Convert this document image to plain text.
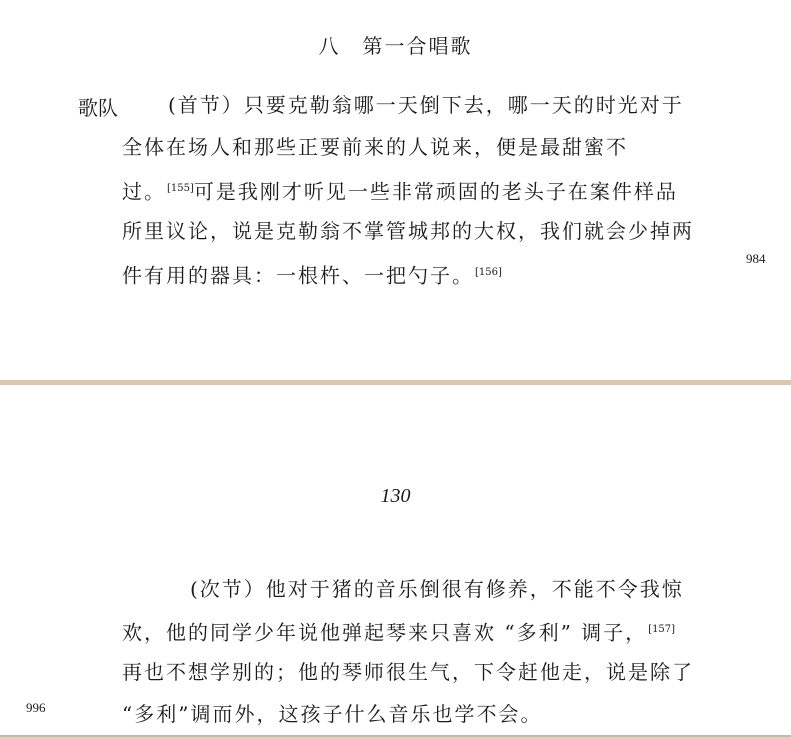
八　第一合唱歌
歌队	(首节）只要克勒翁哪一天倒下去，哪一天的时光对于
全体在场人和那些正要前来的人说来，便是最甜蜜不
过。[155]可是我刚才听见一些非常顽固的老头子在案件样品
所里议论，说是克勒翁不掌管城邦的大权，我们就会少掉两
件有用的器具：一根杵、一把勺子。[156]
984
130
(次节）他对于猪的音乐倒很有修养，不能不令我惊
欢，他的同学少年说他弹起琴来只喜欢 “多利” 调子，[157]
再也不想学别的；他的琴师很生气，下令赶他走，说是除了
“多利”调而外，这孩子什么音乐也学不会。
996
